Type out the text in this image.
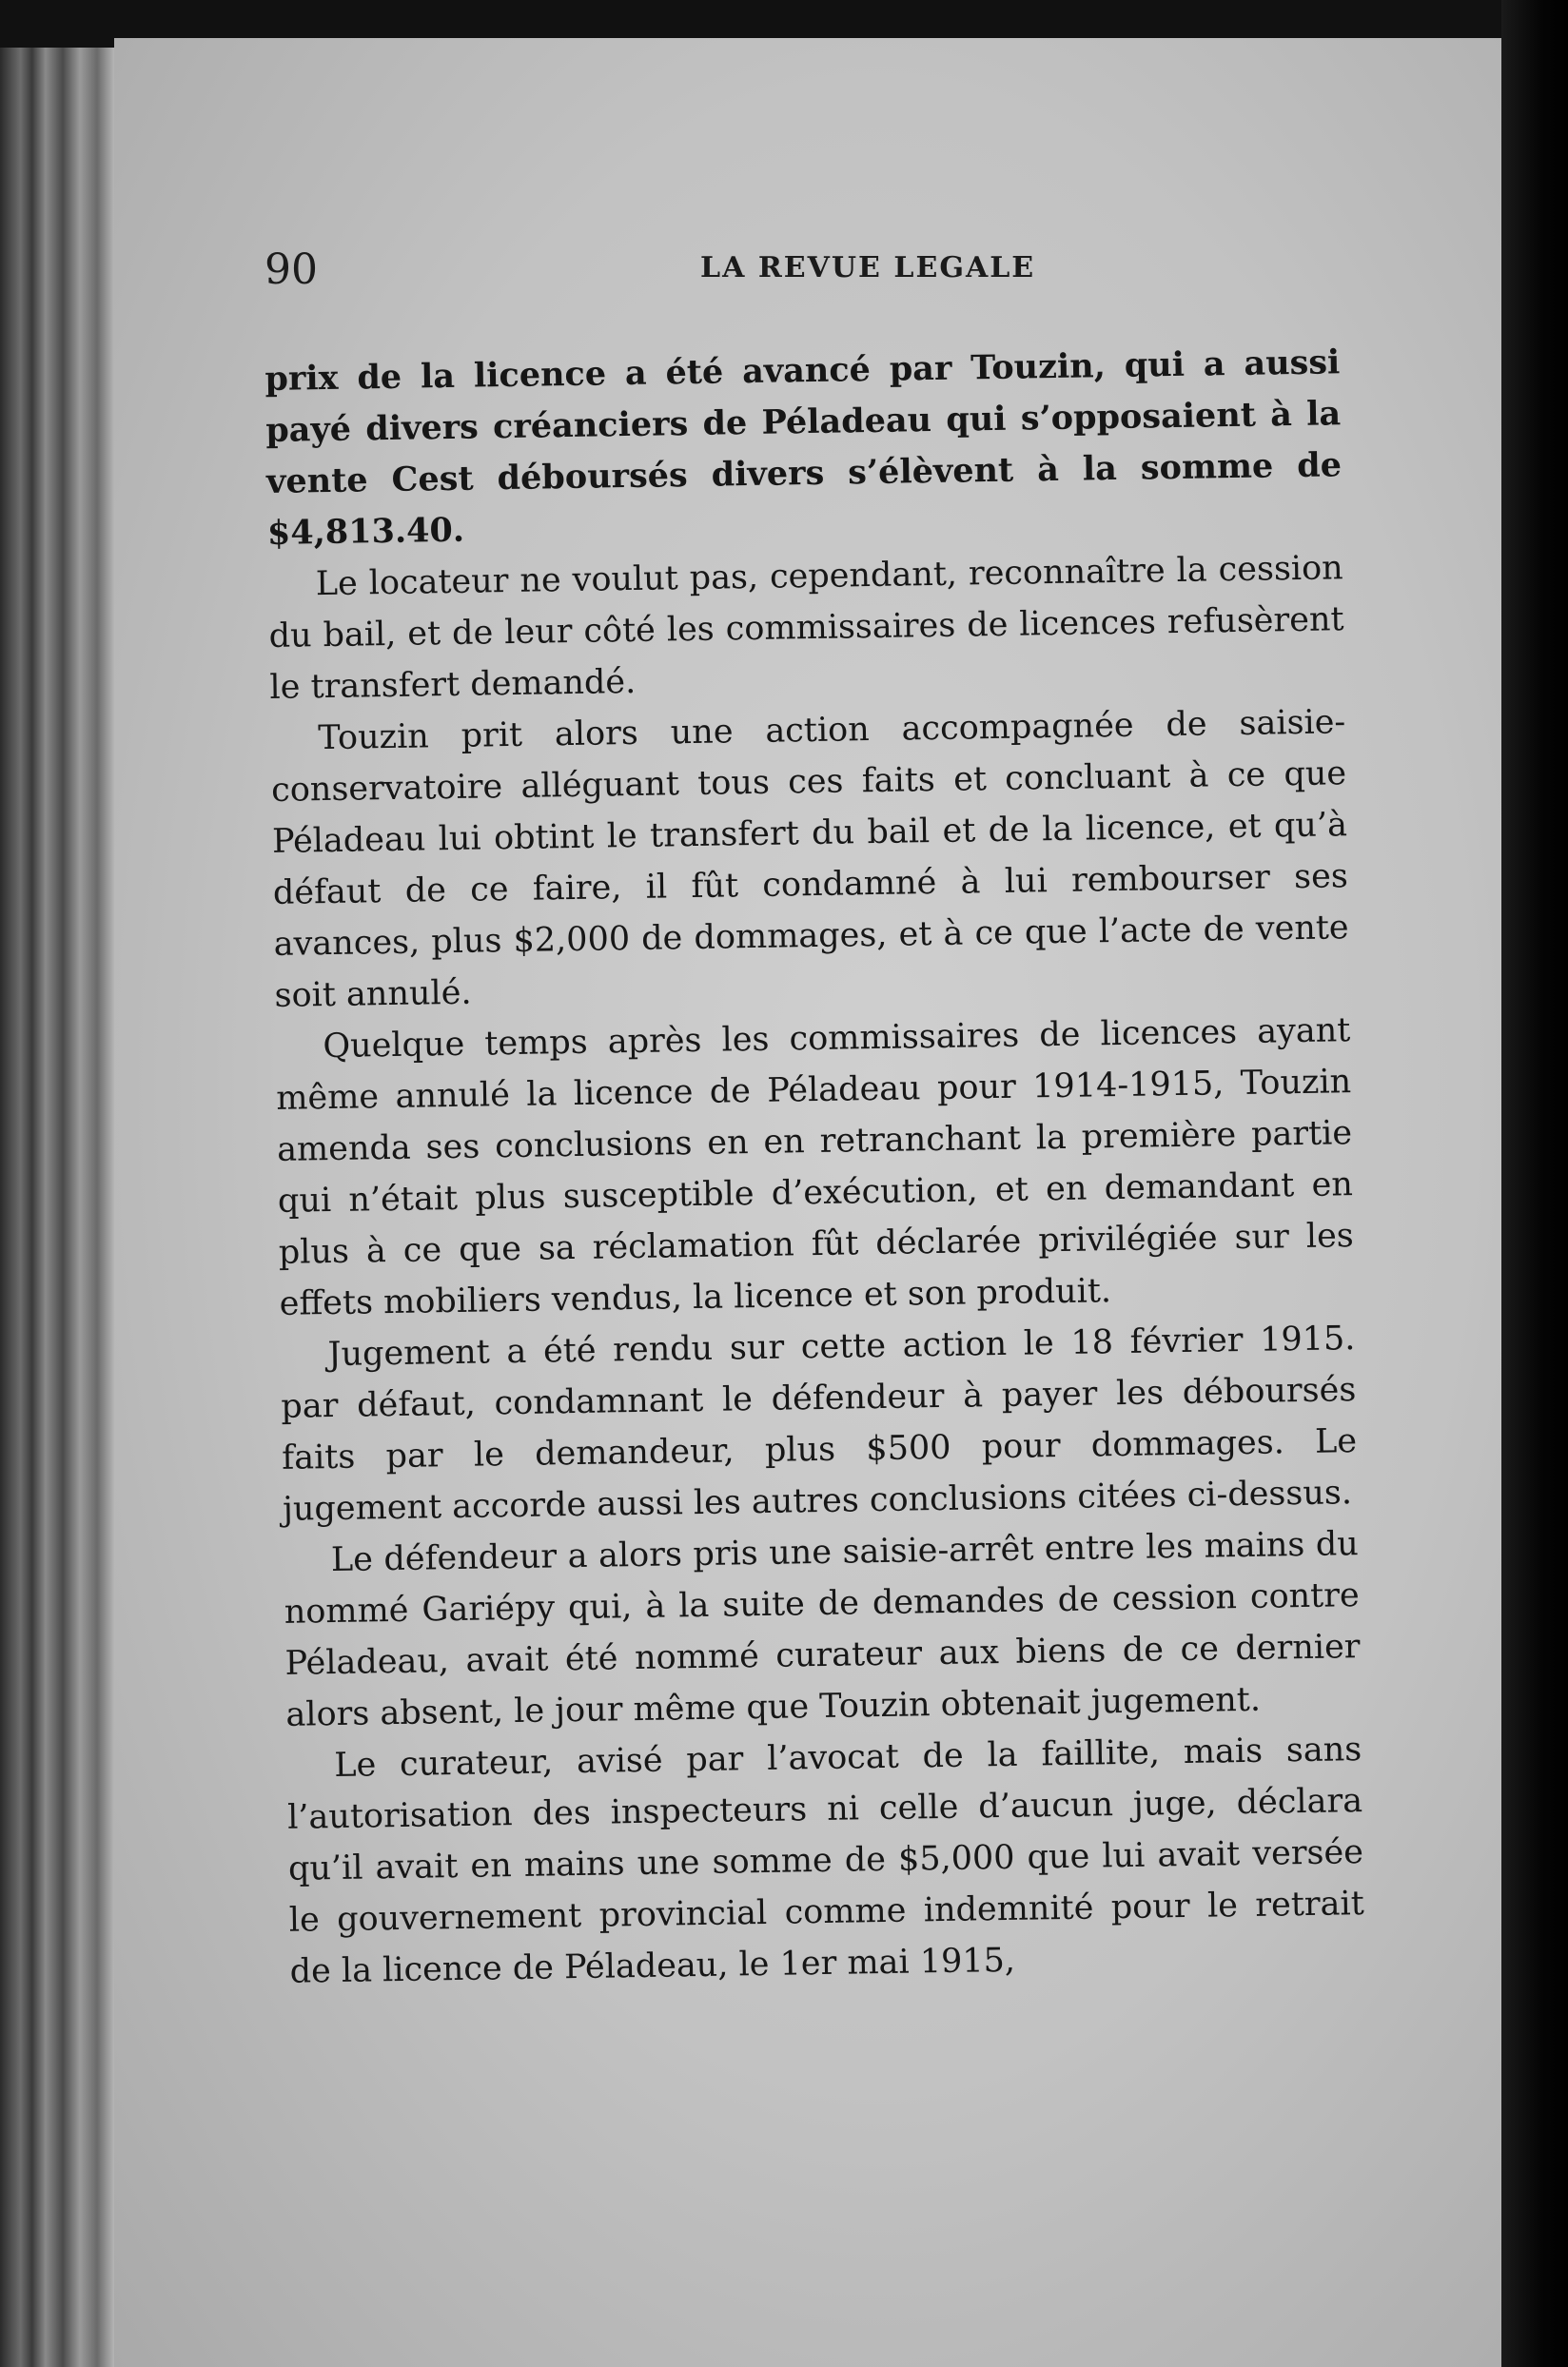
90	LA REVUE LEGALE

prix de la licence a été avancé par Touzin, qui a aussi payé divers créanciers de Péladeau qui s’opposaient à la vente Cest déboursés divers s’élèvent à la somme de $4,813.40.

Le locateur ne voulut pas, cependant, reconnaître la cession du bail, et de leur côté les commissaires de licences refusèrent le transfert demandé.

Touzin prit alors une action accompagnée de saisie-conservatoire alléguant tous ces faits et concluant à ce que Péladeau lui obtint le transfert du bail et de la licence, et qu’à défaut de ce faire, il fût condamné à lui rembourser ses avances, plus $2,000 de dommages, et à ce que l’acte de vente soit annulé.

Quelque temps après les commissaires de licences ayant même annulé la licence de Péladeau pour 1914-1915, Touzin amenda ses conclusions en en retranchant la première partie qui n’était plus susceptible d’exécution, et en demandant en plus à ce que sa réclamation fût déclarée privilégiée sur les effets mobiliers vendus, la licence et son produit.

Jugement a été rendu sur cette action le 18 février 1915. par défaut, condamnant le défendeur à payer les déboursés faits par le demandeur, plus $500 pour dommages. Le jugement accorde aussi les autres conclusions citées ci-dessus.

Le défendeur a alors pris une saisie-arrêt entre les mains du nommé Gariépy qui, à la suite de demandes de cession contre Péladeau, avait été nommé curateur aux biens de ce dernier alors absent, le jour même que Touzin obtenait jugement.

Le curateur, avisé par l’avocat de la faillite, mais sans l’autorisation des inspecteurs ni celle d’aucun juge, déclara qu’il avait en mains une somme de $5,000 que lui avait versée le gouvernement provincial comme indemnité pour le retrait de la licence de Péladeau, le 1er mai 1915,
